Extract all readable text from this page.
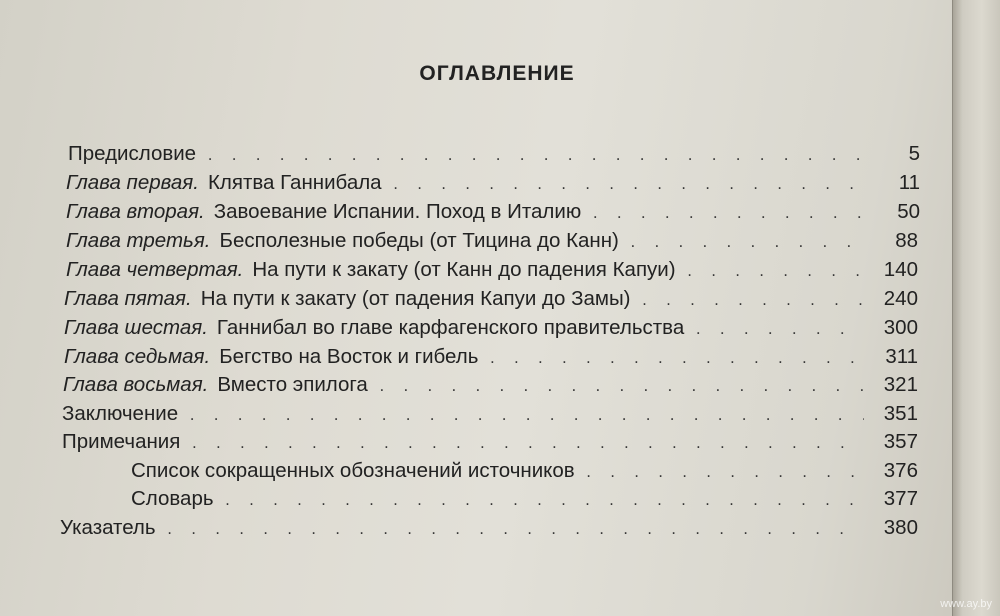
ОГЛАВЛЕНИЕ
Предисловие . . .	5
Глава первая. Клятва Ганнибала . . .	11
Глава вторая. Завоевание Испании. Поход в Италию . . .	50
Глава третья. Бесполезные победы (от Тицина до Канн) . . .	88
Глава четвертая. На пути к закату (от Канн до падения Капуи) . . .	140
Глава пятая. На пути к закату (от падения Капуи до Замы) . . .	240
Глава шестая. Ганнибал во главе карфагенского правительства . . .	300
Глава седьмая. Бегство на Восток и гибель . . .	311
Глава восьмая. Вместо эпилога . . .	321
Заключение . . .	351
Примечания . . .	357
Список сокращенных обозначений источников . . .	376
Словарь . . .	377
Указатель . . .	380
www.ay.by
